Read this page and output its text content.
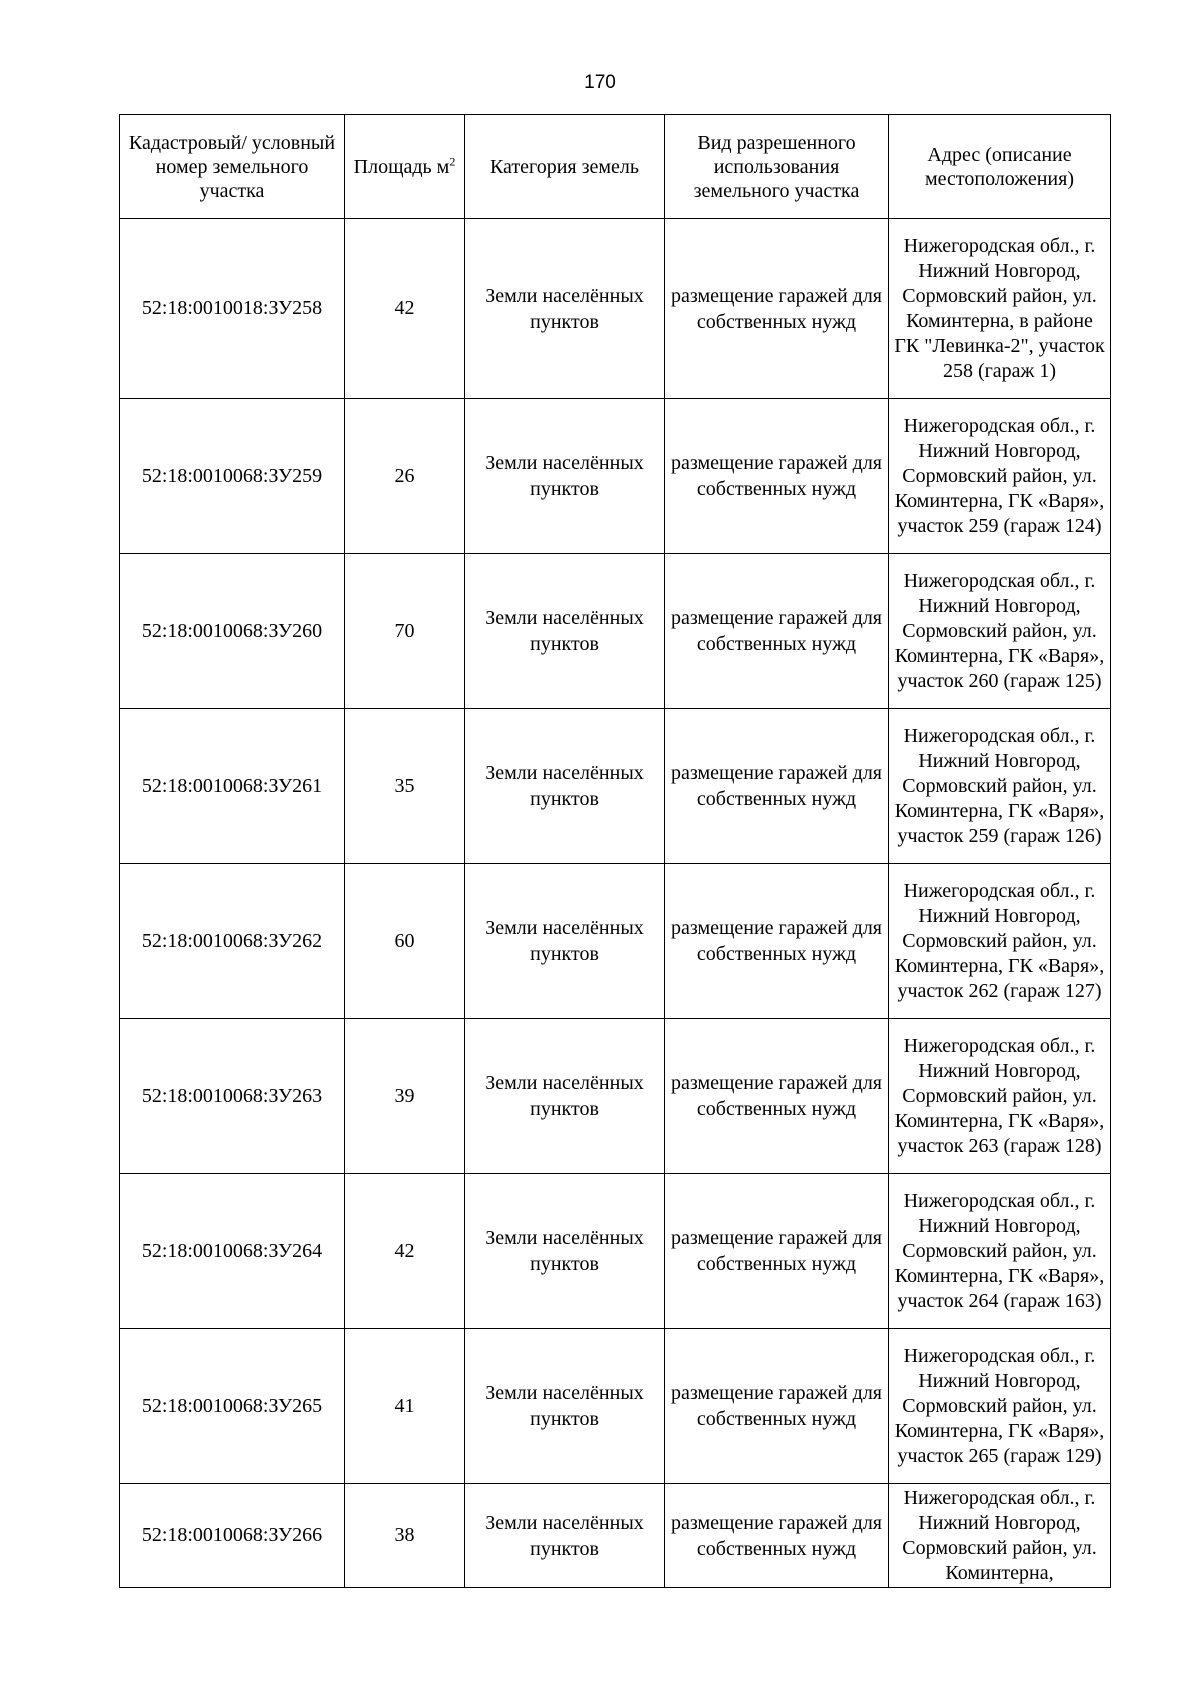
170
Кадастровый/ условный номер земельного участка	Площадь $м^2$	Категория земель	Вид разрешенного использования земельного участка	Адрес (описание местоположения)
52:18:0010018:ЗУ258	42	Земли населённых пунктов	размещение гаражей для собственных нужд	Нижегородская обл., г. Нижний Новгород, Сормовский район, ул. Коминтерна, в районе ГК "Левинка-2", участок 258 (гараж 1)
52:18:0010068:ЗУ259	26	Земли населённых пунктов	размещение гаражей для собственных нужд	Нижегородская обл., г. Нижний Новгород, Сормовский район, ул. Коминтерна, ГК «Варя», участок 259 (гараж 124)
52:18:0010068:ЗУ260	70	Земли населённых пунктов	размещение гаражей для собственных нужд	Нижегородская обл., г. Нижний Новгород, Сормовский район, ул. Коминтерна, ГК «Варя», участок 260 (гараж 125)
52:18:0010068:ЗУ261	35	Земли населённых пунктов	размещение гаражей для собственных нужд	Нижегородская обл., г. Нижний Новгород, Сормовский район, ул. Коминтерна, ГК «Варя», участок 259 (гараж 126)
52:18:0010068:ЗУ262	60	Земли населённых пунктов	размещение гаражей для собственных нужд	Нижегородская обл., г. Нижний Новгород, Сормовский район, ул. Коминтерна, ГК «Варя», участок 262 (гараж 127)
52:18:0010068:ЗУ263	39	Земли населённых пунктов	размещение гаражей для собственных нужд	Нижегородская обл., г. Нижний Новгород, Сормовский район, ул. Коминтерна, ГК «Варя», участок 263 (гараж 128)
52:18:0010068:ЗУ264	42	Земли населённых пунктов	размещение гаражей для собственных нужд	Нижегородская обл., г. Нижний Новгород, Сормовский район, ул. Коминтерна, ГК «Варя», участок 264 (гараж 163)
52:18:0010068:ЗУ265	41	Земли населённых пунктов	размещение гаражей для собственных нужд	Нижегородская обл., г. Нижний Новгород, Сормовский район, ул. Коминтерна, ГК «Варя», участок 265 (гараж 129)
52:18:0010068:ЗУ266	38	Земли населённых пунктов	размещение гаражей для собственных нужд	Нижегородская обл., г. Нижний Новгород, Сормовский район, ул. Коминтерна,
